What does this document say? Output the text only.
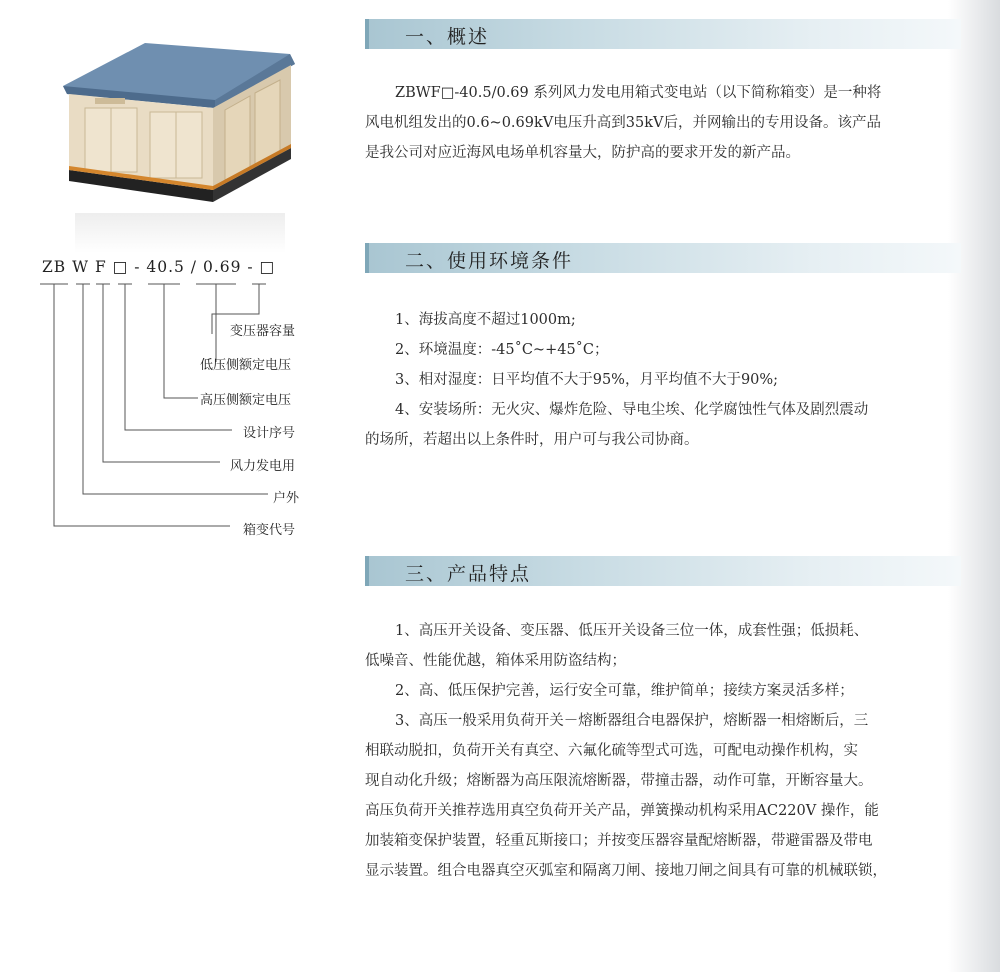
ZB W F □ - 40.5 / 0.69 - □
变压器容量
低压侧额定电压
高压侧额定电压
设计序号
风力发电用
户外
箱变代号
一、概述
ZBWF□-40.5/0.69 系列风力发电用箱式变电站（以下简称箱变）是一种将
风电机组发出的0.6~0.69kV电压升高到35kV后，并网输出的专用设备。该产品
是我公司对应近海风电场单机容量大，防护高的要求开发的新产品。
二、使用环境条件
1、海拔高度不超过1000m;
2、环境温度：-45˚C~+45˚C；
3、相对湿度：日平均值不大于95%，月平均值不大于90%;
4、安装场所：无火灾、爆炸危险、导电尘埃、化学腐蚀性气体及剧烈震动
的场所，若超出以上条件时，用户可与我公司协商。
三、产品特点
1、高压开关设备、变压器、低压开关设备三位一体，成套性强；低损耗、
低噪音、性能优越，箱体采用防盗结构；
2、高、低压保护完善，运行安全可靠，维护简单；接续方案灵活多样；
3、高压一般采用负荷开关－熔断器组合电器保护，熔断器一相熔断后，三
相联动脱扣，负荷开关有真空、六氟化硫等型式可选，可配电动操作机构，实
现自动化升级；熔断器为高压限流熔断器，带撞击器，动作可靠，开断容量大。
高压负荷开关推荐选用真空负荷开关产品，弹簧操动机构采用AC220V 操作，能
加装箱变保护装置，轻重瓦斯接口；并按变压器容量配熔断器，带避雷器及带电
显示装置。组合电器真空灭弧室和隔离刀闸、接地刀闸之间具有可靠的机械联锁，
